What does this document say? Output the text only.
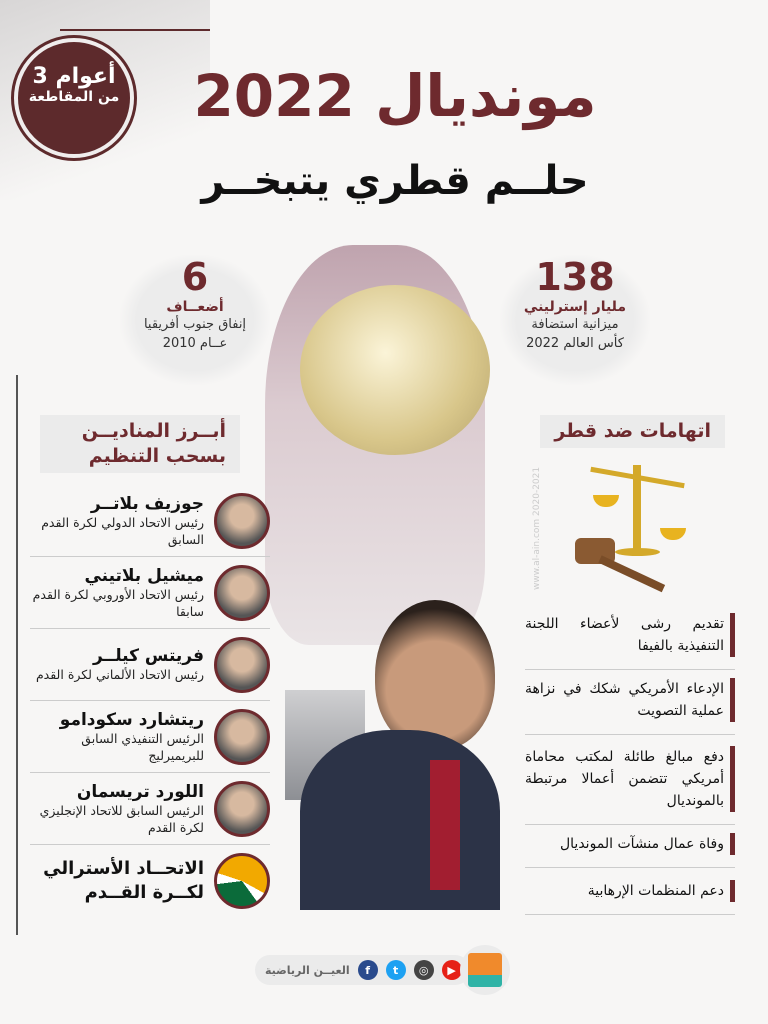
3 أعوام
من المقاطعة	مونديال 2022
حلــم قطري يتبخــر
138
مليار إسترليني
ميزانية استضافة
كأس العالم 2022
6
أضعــاف
إنفاق جنوب أفريقيا
عــام 2010
أبــرز المناديــن
بسحب التنظيم
جوزيف بلاتــر
رئيس الاتحاد الدولي لكرة القدم السابق
ميشيل بلاتيني
رئيس الاتحاد الأوروبي لكرة القدم سابقا
فريتس كيلــر
رئيس الاتحاد الألماني لكرة القدم
ريتشارد سكودامو
الرئيس التنفيذي السابق للبريميرليج
اللورد تريسمان
الرئيس السابق للاتحاد الإنجليزي لكرة القدم
الاتحــاد الأسترالي لكــرة القــدم
اتهامات ضد قطر
www.al-ain.com 2020-2021
تقديم رشى لأعضاء اللجنة التنفيذية بالفيفا
الإدعاء الأمريكي شكك في نزاهة عملية التصويت
دفع مبالغ طائلة لمكتب محاماة أمريكي تتضمن أعمالا مرتبطة بالمونديال
وفاة عمال منشآت المونديال
دعم المنظمات الإرهابية
العيــن الرياضية	f	t	◎	▶
